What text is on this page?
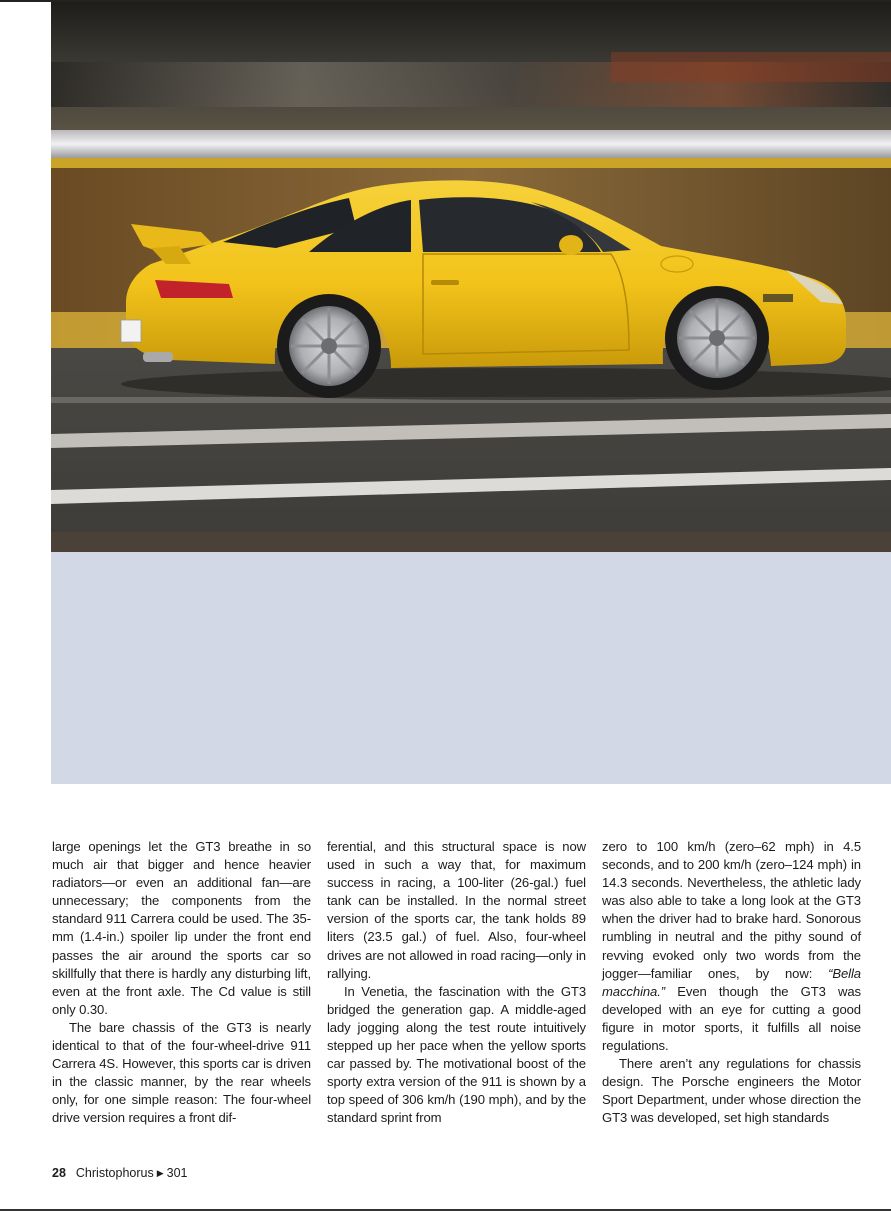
large openings let the GT3 breathe in so much air that bigger and hence heavier radiators—or even an additional fan—are unnecessary; the components from the standard 911 Carrera could be used. The 35-mm (1.4-in.) spoiler lip under the front end passes the air around the sports car so skillfully that there is hardly any disturbing lift, even at the front axle. The Cd value is still only 0.30.

The bare chassis of the GT3 is nearly identical to that of the four-wheel-drive 911 Carrera 4S. However, this sports car is driven in the classic manner, by the rear wheels only, for one simple reason: The four-wheel drive version requires a front dif-

ferential, and this structural space is now used in such a way that, for maximum success in racing, a 100-liter (26-gal.) fuel tank can be installed. In the normal street version of the sports car, the tank holds 89 liters (23.5 gal.) of fuel. Also, four-wheel drives are not allowed in road racing—only in rallying.

In Venetia, the fascination with the GT3 bridged the generation gap. A middle-aged lady jogging along the test route intuitively stepped up her pace when the yellow sports car passed by. The motivational boost of the sporty extra version of the 911 is shown by a top speed of 306 km/h (190 mph), and by the standard sprint from

zero to 100 km/h (zero–62 mph) in 4.5 seconds, and to 200 km/h (zero–124 mph) in 14.3 seconds. Nevertheless, the athletic lady was also able to take a long look at the GT3 when the driver had to brake hard. Sonorous rumbling in neutral and the pithy sound of revving evoked only two words from the jogger—familiar ones, by now: “Bella macchina.” Even though the GT3 was developed with an eye for cutting a good figure in motor sports, it fulfills all noise regulations.

There aren’t any regulations for chassis design. The Porsche engineers the Motor Sport Department, under whose direction the GT3 was developed, set high standards

28 Christophorus ▶ 301
